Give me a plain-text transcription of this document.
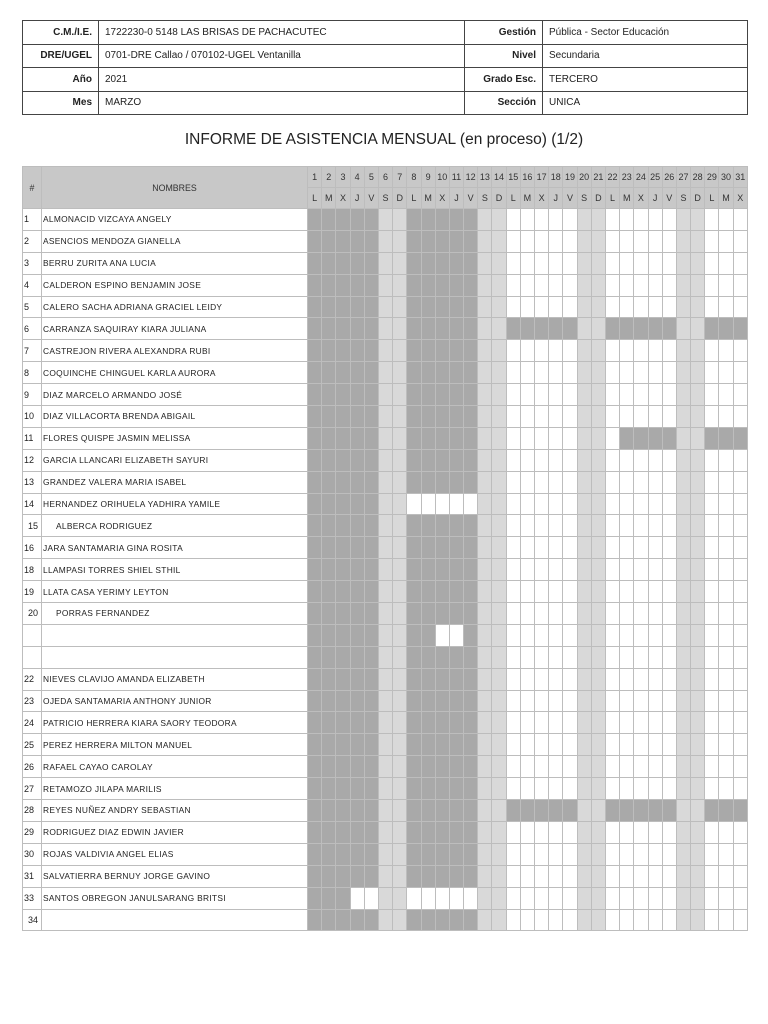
C.M./I.E.	1722230-0 5148 LAS BRISAS DE PACHACUTEC	Gestión	Pública - Sector Educación
DRE/UGEL	0701-DRE Callao / 070102-UGEL Ventanilla	Nivel	Secundaria
Año	2021	Grado Esc.	TERCERO
Mes	MARZO	Sección	UNICA
INFORME DE ASISTENCIA MENSUAL (en proceso) (1/2)
#	NOMBRES	1	2	3	4	5	6	7	8	9	10	11	12	13	14	15	16	17	18	19	20	21	22	23	24	25	26	27	28	29	30	31
		L	M	X	J	V	S	D	L	M	X	J	V	S	D	L	M	X	J	V	S	D	L	M	X	J	V	S	D	L	M	X
1	ALMONACID VIZCAYA ANGELY																															
2	ASENCIOS MENDOZA GIANELLA																															
3	BERRU ZURITA ANA LUCIA																															
4	CALDERON ESPINO BENJAMIN JOSE																															
5	CALERO SACHA ADRIANA GRACIEL LEIDY																															
6	CARRANZA SAQUIRAY KIARA JULIANA																															
7	CASTREJON RIVERA ALEXANDRA RUBI																															
8	COQUINCHE CHINGUEL KARLA AURORA																															
9	DIAZ MARCELO ARMANDO JOSÉ																															
10	DIAZ VILLACORTA BRENDA ABIGAIL																															
11	FLORES QUISPE JASMIN MELISSA																															
12	GARCIA LLANCARI ELIZABETH SAYURI																															
13	GRANDEZ VALERA MARIA ISABEL																															
14	HERNANDEZ ORIHUELA YADHIRA YAMILE																															
15	ALBERCA RODRIGUEZ																															
16	JARA SANTAMARIA GINA ROSITA																															
18	LLAMPASI TORRES SHIEL STHIL																															
19	LLATA CASA YERIMY LEYTON																															
20	PORRAS FERNANDEZ																															

22	NIEVES CLAVIJO AMANDA ELIZABETH																															
23	OJEDA SANTAMARIA ANTHONY JUNIOR																															
24	PATRICIO HERRERA KIARA SAORY TEODORA																															
25	PEREZ HERRERA MILTON MANUEL																															
26	RAFAEL CAYAO CAROLAY																															
27	RETAMOZO JILAPA MARILIS																															
28	REYES NUÑEZ ANDRY SEBASTIAN																															
29	RODRIGUEZ DIAZ EDWIN JAVIER																															
30	ROJAS VALDIVIA ANGEL ELIAS																															
31	SALVATIERRA BERNUY JORGE GAVINO																															
33	SANTOS OBREGON JANULSARANG BRITSI																															
34																																
